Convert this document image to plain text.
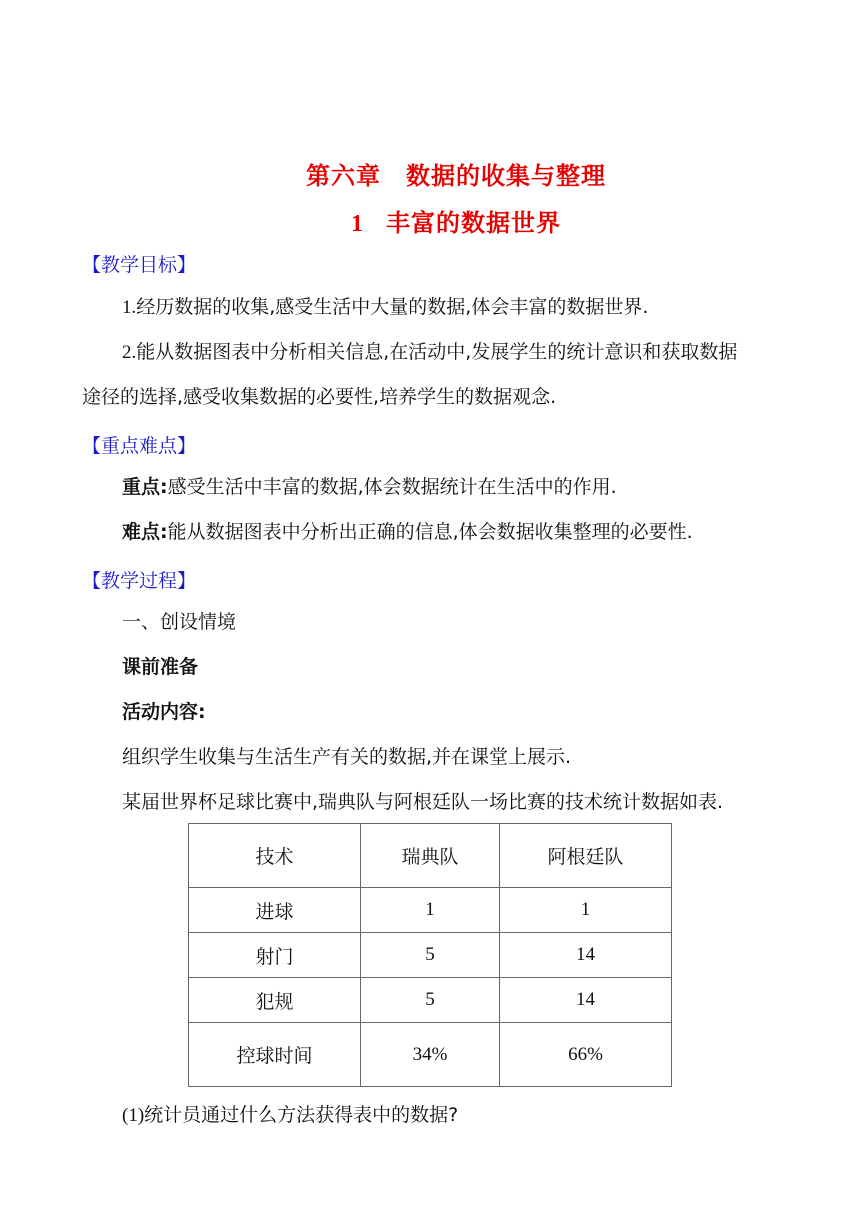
第六章　数据的收集与整理
1 丰富的数据世界
【教学目标】
1.经历数据的收集,感受生活中大量的数据,体会丰富的数据世界.
2.能从数据图表中分析相关信息,在活动中,发展学生的统计意识和获取数据
途径的选择,感受收集数据的必要性,培养学生的数据观念.
【重点难点】
重点:感受生活中丰富的数据,体会数据统计在生活中的作用.
难点:能从数据图表中分析出正确的信息,体会数据收集整理的必要性.
【教学过程】
一、创设情境
课前准备
活动内容:
组织学生收集与生活生产有关的数据,并在课堂上展示.
某届世界杯足球比赛中,瑞典队与阿根廷队一场比赛的技术统计数据如表.
技术	瑞典队	阿根廷队
进球	1	1
射门	5	14
犯规	5	14
控球时间	34%	66%
(1)统计员通过什么方法获得表中的数据?
